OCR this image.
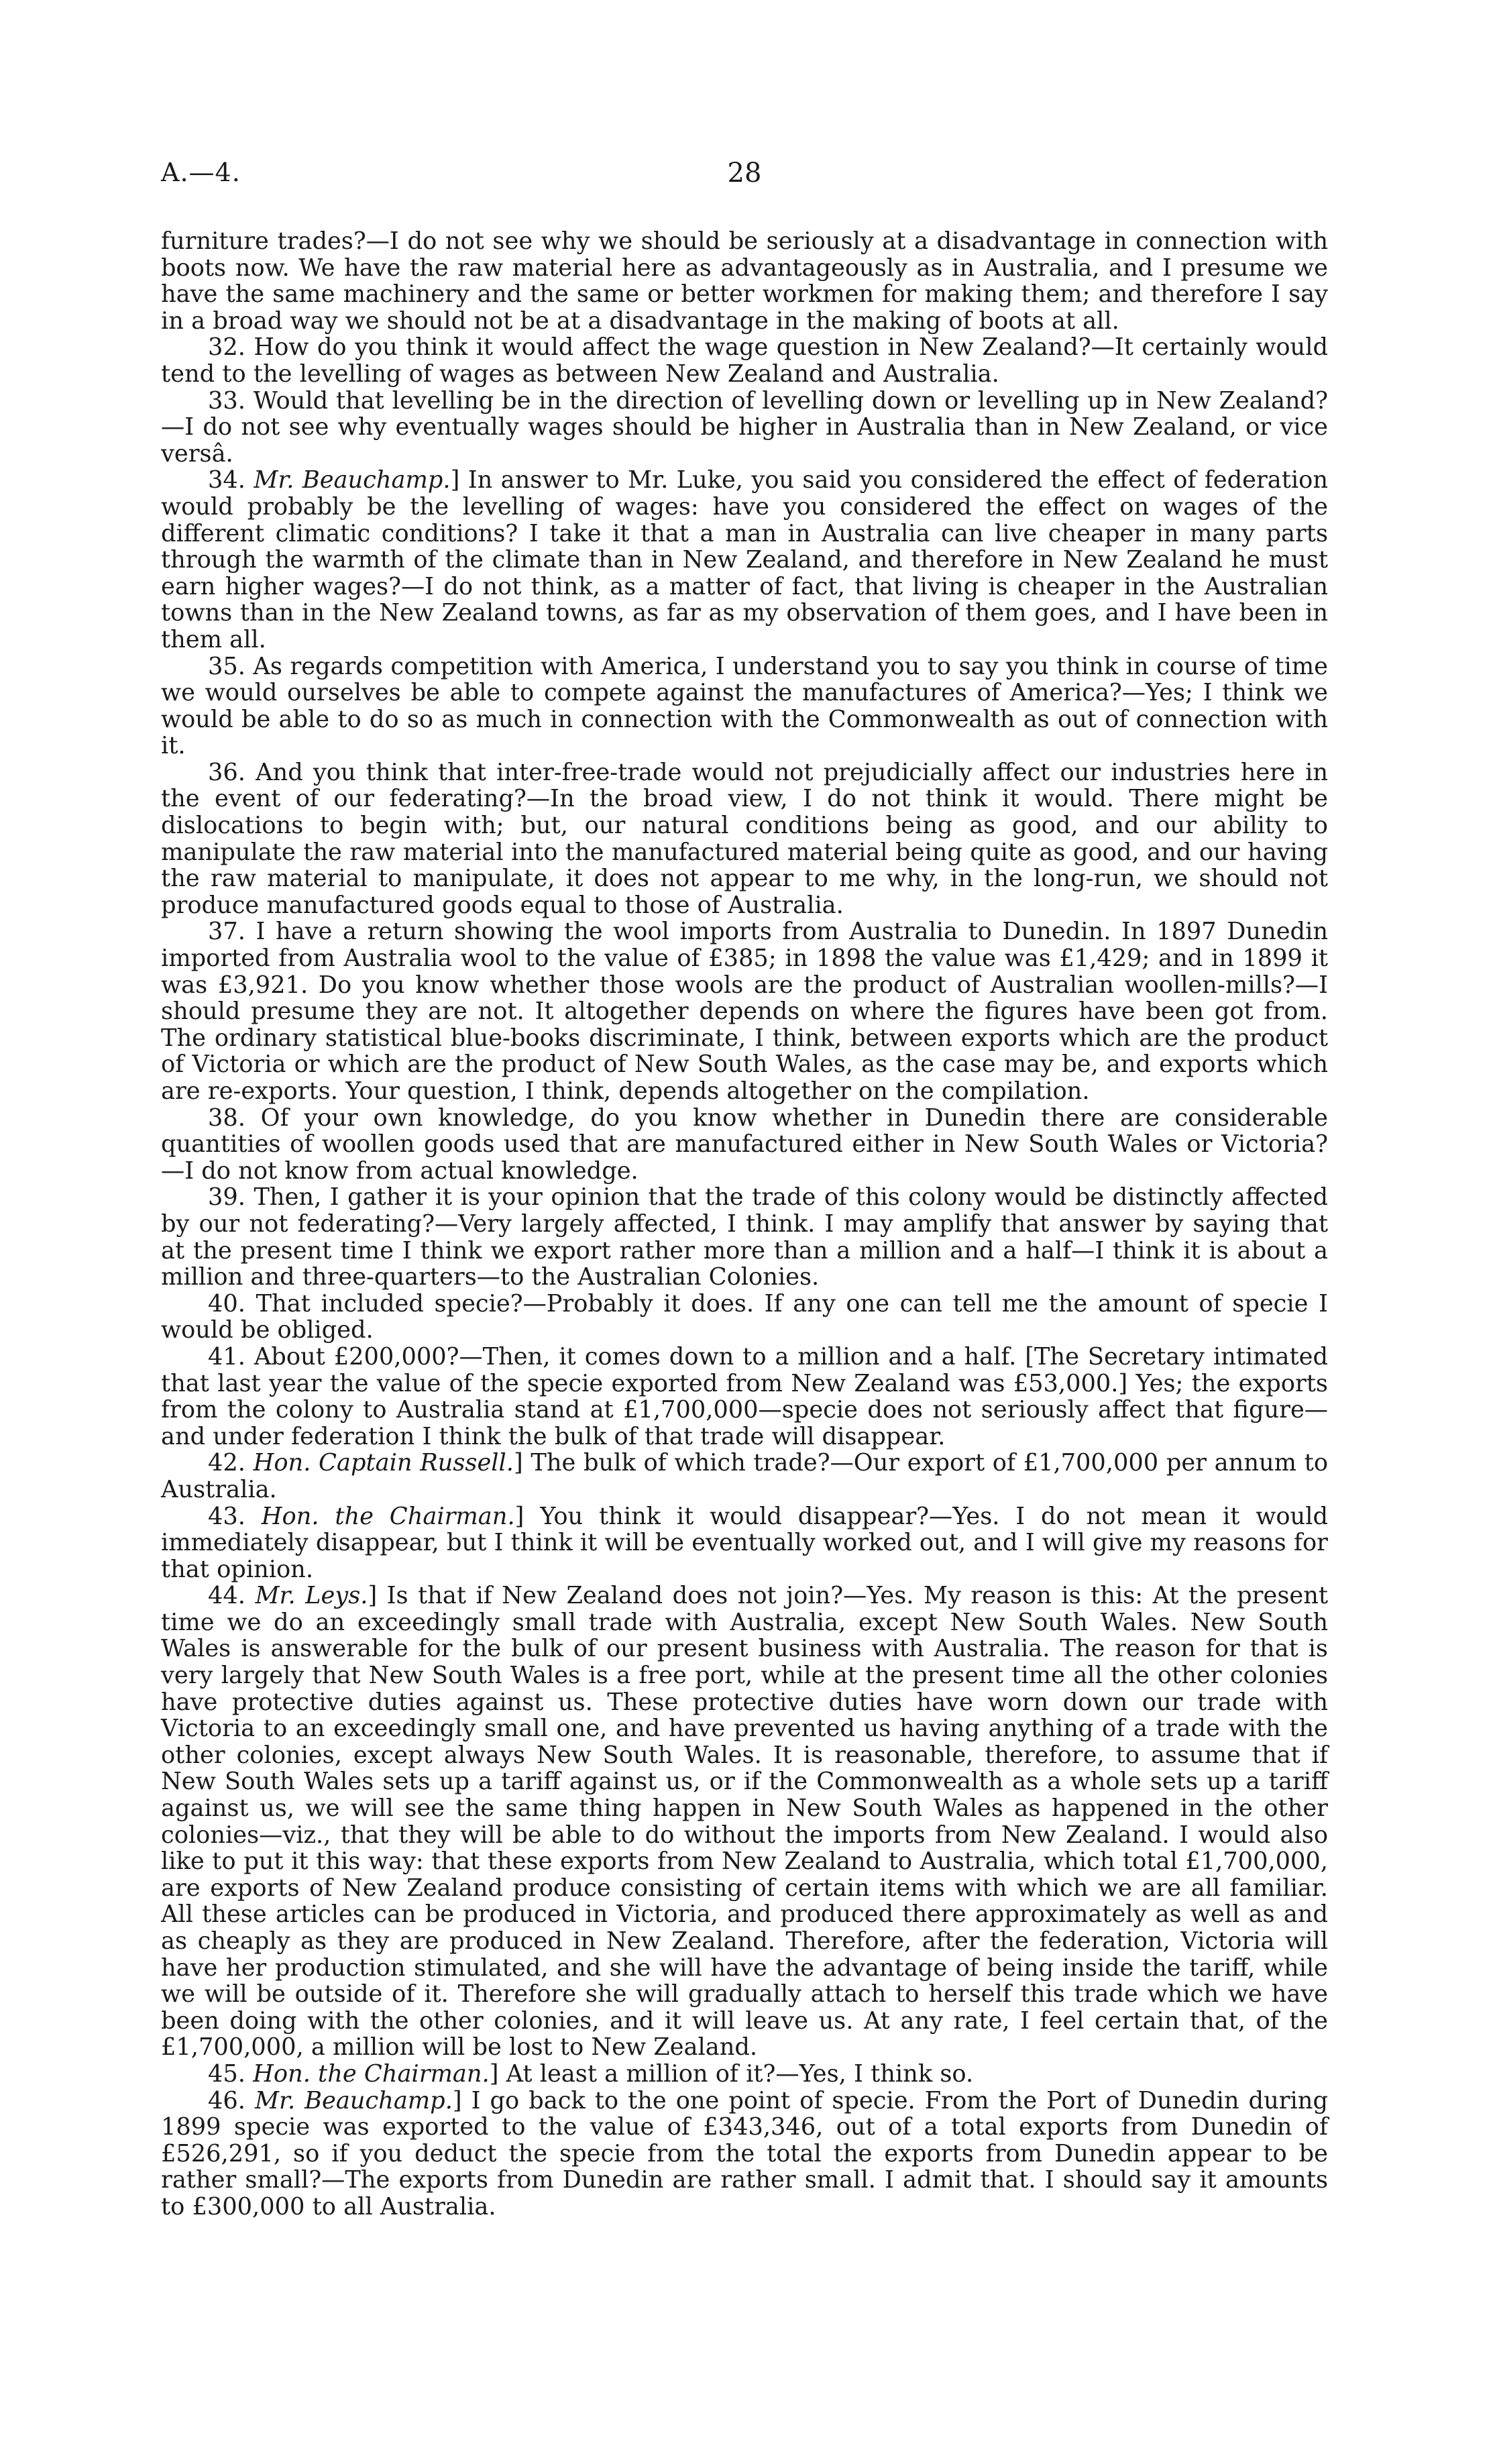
A.—4.	28

furniture trades?—I do not see why we should be seriously at a disadvantage in connection with boots now. We have the raw material here as advantageously as in Australia, and I presume we have the same machinery and the same or better workmen for making them; and therefore I say in a broad way we should not be at a disadvantage in the making of boots at all.

32. How do you think it would affect the wage question in New Zealand?—It certainly would tend to the levelling of wages as between New Zealand and Australia.

33. Would that levelling be in the direction of levelling down or levelling up in New Zealand? —I do not see why eventually wages should be higher in Australia than in New Zealand, or vice versâ.

34. Mr. Beauchamp.] In answer to Mr. Luke, you said you considered the effect of federation would probably be the levelling of wages: have you considered the effect on wages of the different climatic conditions? I take it that a man in Australia can live cheaper in many parts through the warmth of the climate than in New Zealand, and therefore in New Zealand he must earn higher wages?—I do not think, as a matter of fact, that living is cheaper in the Australian towns than in the New Zealand towns, as far as my observation of them goes, and I have been in them all.

35. As regards competition with America, I understand you to say you think in course of time we would ourselves be able to compete against the manufactures of America?—Yes; I think we would be able to do so as much in connection with the Commonwealth as out of connection with it.

36. And you think that inter-free-trade would not prejudicially affect our industries here in the event of our federating?—In the broad view, I do not think it would. There might be dislocations to begin with; but, our natural conditions being as good, and our ability to manipulate the raw material into the manufactured material being quite as good, and our having the raw material to manipulate, it does not appear to me why, in the long-run, we should not produce manufactured goods equal to those of Australia.

37. I have a return showing the wool imports from Australia to Dunedin. In 1897 Dunedin imported from Australia wool to the value of £385; in 1898 the value was £1,429; and in 1899 it was £3,921. Do you know whether those wools are the product of Australian woollen-mills?—I should presume they are not. It altogether depends on where the figures have been got from. The ordinary statistical blue-books discriminate, I think, between exports which are the product of Victoria or which are the product of New South Wales, as the case may be, and exports which are re-exports. Your question, I think, depends altogether on the compilation.

38. Of your own knowledge, do you know whether in Dunedin there are considerable quantities of woollen goods used that are manufactured either in New South Wales or Victoria?—I do not know from actual knowledge.

39. Then, I gather it is your opinion that the trade of this colony would be distinctly affected by our not federating?—Very largely affected, I think. I may amplify that answer by saying that at the present time I think we export rather more than a million and a half—I think it is about a million and three-quarters—to the Australian Colonies.

40. That included specie?—Probably it does. If any one can tell me the amount of specie I would be obliged.

41. About £200,000?—Then, it comes down to a million and a half. [The Secretary intimated that last year the value of the specie exported from New Zealand was £53,000.] Yes; the exports from the colony to Australia stand at £1,700,000—specie does not seriously affect that figure—and under federation I think the bulk of that trade will disappear.

42. Hon. Captain Russell.] The bulk of which trade?—Our export of £1,700,000 per annum to Australia.

43. Hon. the Chairman.] You think it would disappear?—Yes. I do not mean it would immediately disappear, but I think it will be eventually worked out, and I will give my reasons for that opinion.

44. Mr. Leys.] Is that if New Zealand does not join?—Yes. My reason is this: At the present time we do an exceedingly small trade with Australia, except New South Wales. New South Wales is answerable for the bulk of our present business with Australia. The reason for that is very largely that New South Wales is a free port, while at the present time all the other colonies have protective duties against us. These protective duties have worn down our trade with Victoria to an exceedingly small one, and have prevented us having anything of a trade with the other colonies, except always New South Wales. It is reasonable, therefore, to assume that if New South Wales sets up a tariff against us, or if the Commonwealth as a whole sets up a tariff against us, we will see the same thing happen in New South Wales as happened in the other colonies—viz., that they will be able to do without the imports from New Zealand. I would also like to put it this way: that these exports from New Zealand to Australia, which total £1,700,000, are exports of New Zealand produce consisting of certain items with which we are all familiar. All these articles can be produced in Victoria, and produced there approximately as well as and as cheaply as they are produced in New Zealand. Therefore, after the federation, Victoria will have her production stimulated, and she will have the advantage of being inside the tariff, while we will be outside of it. Therefore she will gradually attach to herself this trade which we have been doing with the other colonies, and it will leave us. At any rate, I feel certain that, of the £1,700,000, a million will be lost to New Zealand.

45. Hon. the Chairman.] At least a million of it?—Yes, I think so.

46. Mr. Beauchamp.] I go back to the one point of specie. From the Port of Dunedin during 1899 specie was exported to the value of £343,346, out of a total exports from Dunedin of £526,291, so if you deduct the specie from the total the exports from Dunedin appear to be rather small?—The exports from Dunedin are rather small. I admit that. I should say it amounts to £300,000 to all Australia.
